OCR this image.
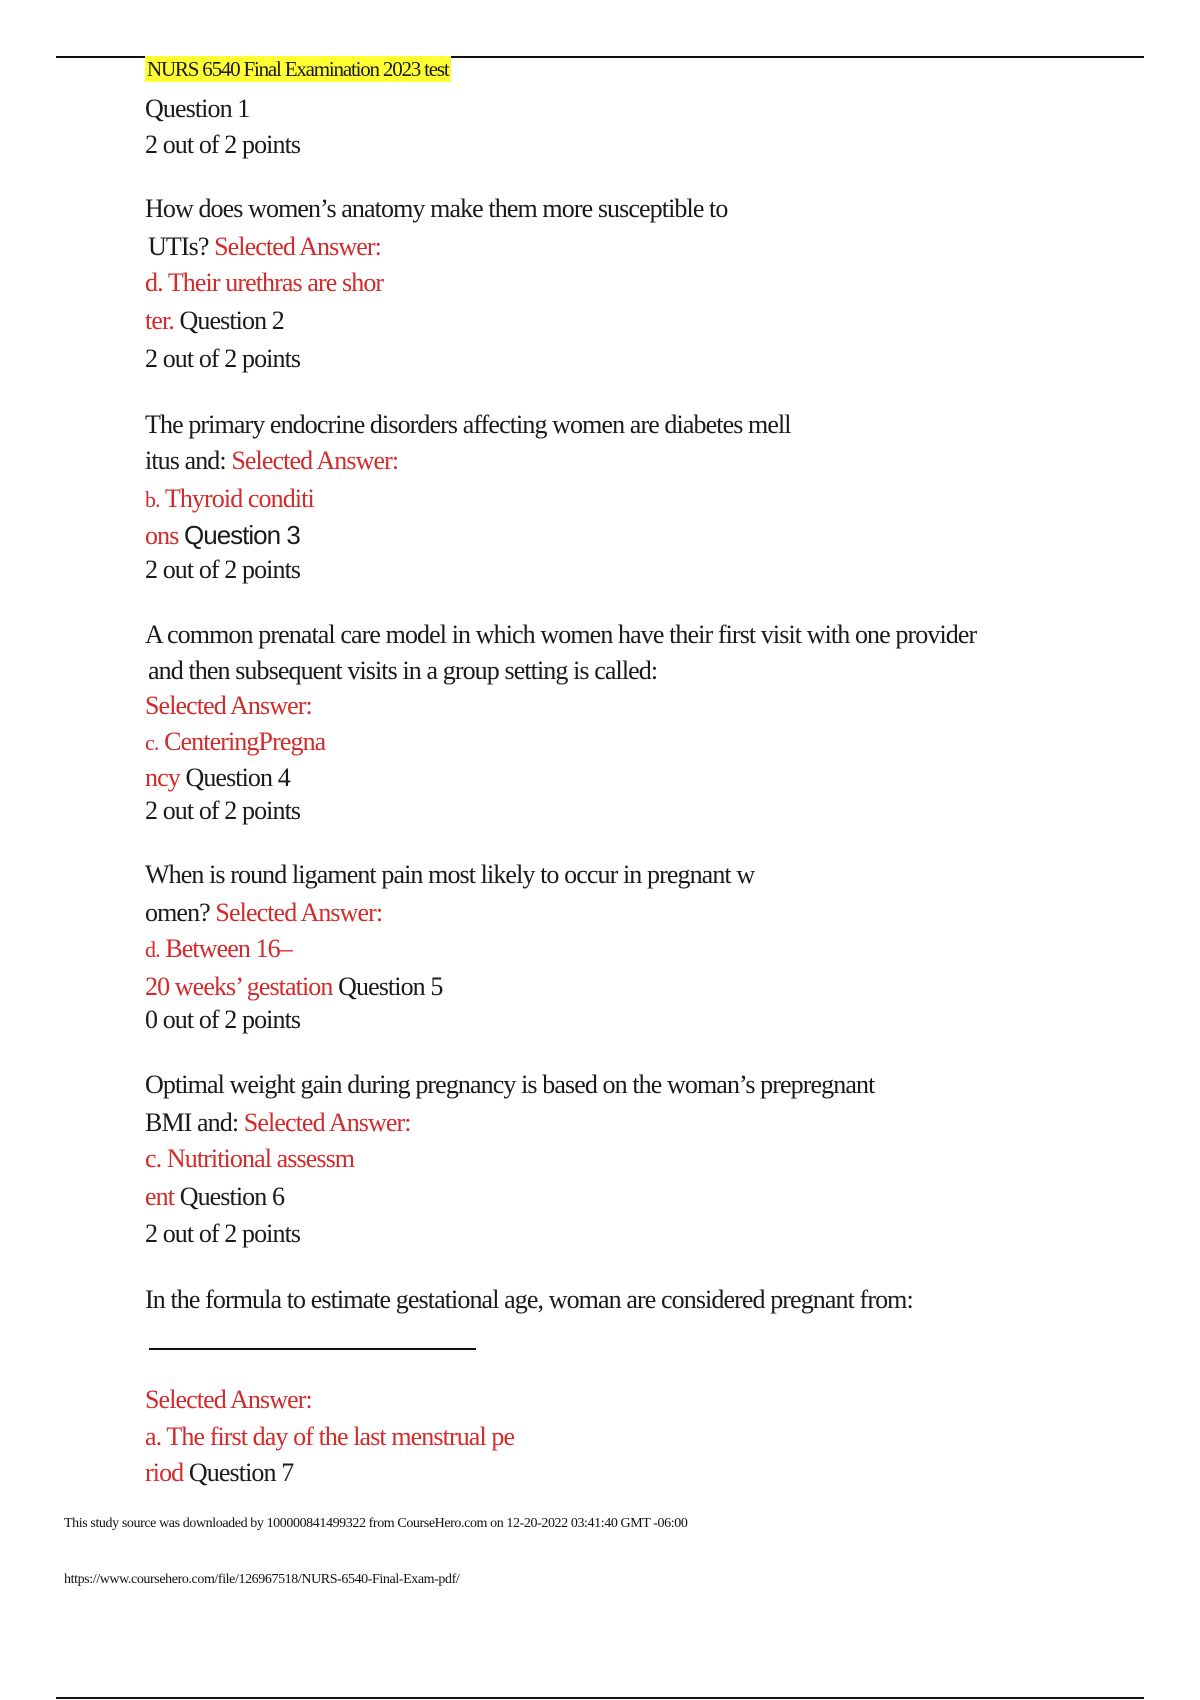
NURS 6540 Final Examination 2023 test
Question 1
2 out of 2 points
How does women’s anatomy make them more susceptible to
UTIs? Selected Answer:
d. Their urethras are shor
ter. Question 2
2 out of 2 points
The primary endocrine disorders affecting women are diabetes mell
itus and: Selected Answer:
b. Thyroid conditi
ons Question 3
2 out of 2 points
A common prenatal care model in which women have their first visit with one provider
and then subsequent visits in a group setting is called:
Selected Answer:
c. CenteringPregna
ncy Question 4
2 out of 2 points
When is round ligament pain most likely to occur in pregnant w
omen? Selected Answer:
d. Between 16–
20 weeks’ gestation Question 5
0 out of 2 points
Optimal weight gain during pregnancy is based on the woman’s prepregnant
BMI and: Selected Answer:
c. Nutritional assessm
ent Question 6
2 out of 2 points
In the formula to estimate gestational age, woman are considered pregnant from:
Selected Answer:
a. The first day of the last menstrual pe
riod Question 7
This study source was downloaded by 100000841499322 from CourseHero.com on 12-20-2022 03:41:40 GMT -06:00
https://www.coursehero.com/file/126967518/NURS-6540-Final-Exam-pdf/
